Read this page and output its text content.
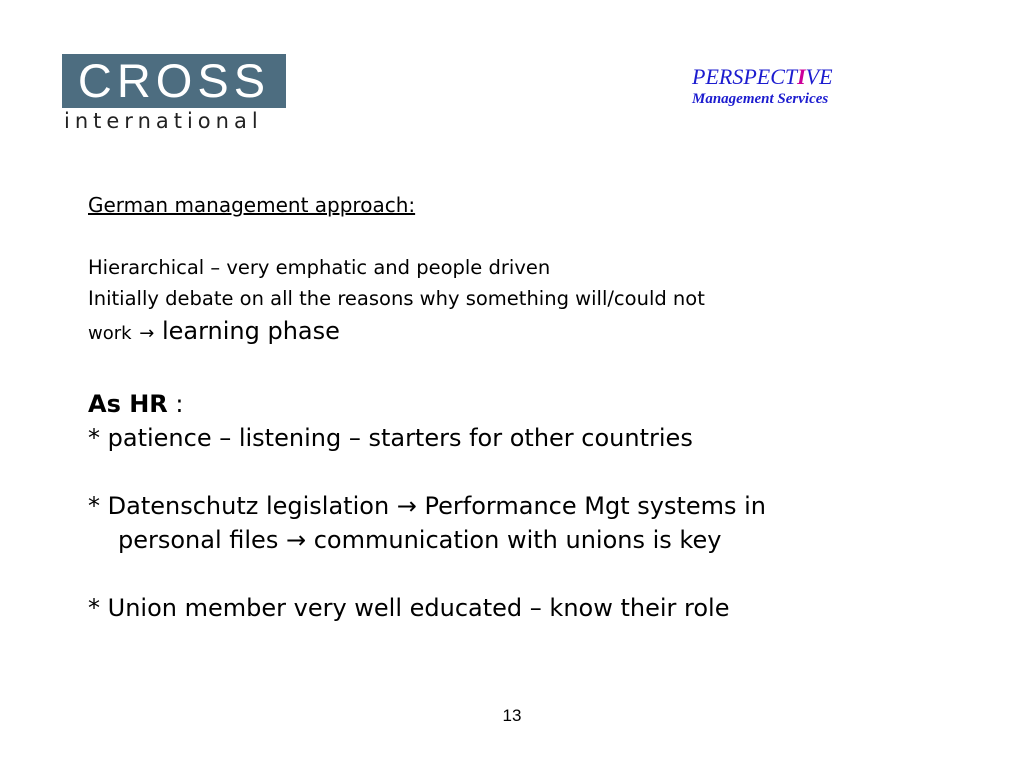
CROSS
international
PERSPECTIVE
Management Services
German management approach:
Hierarchical – very emphatic and people driven
Initially debate on all the reasons why something will/could not
work → learning phase
As HR :
* patience – listening – starters for other countries
* Datenschutz legislation → Performance Mgt systems in
personal files → communication with unions is key
* Union member very well educated – know their role
13
